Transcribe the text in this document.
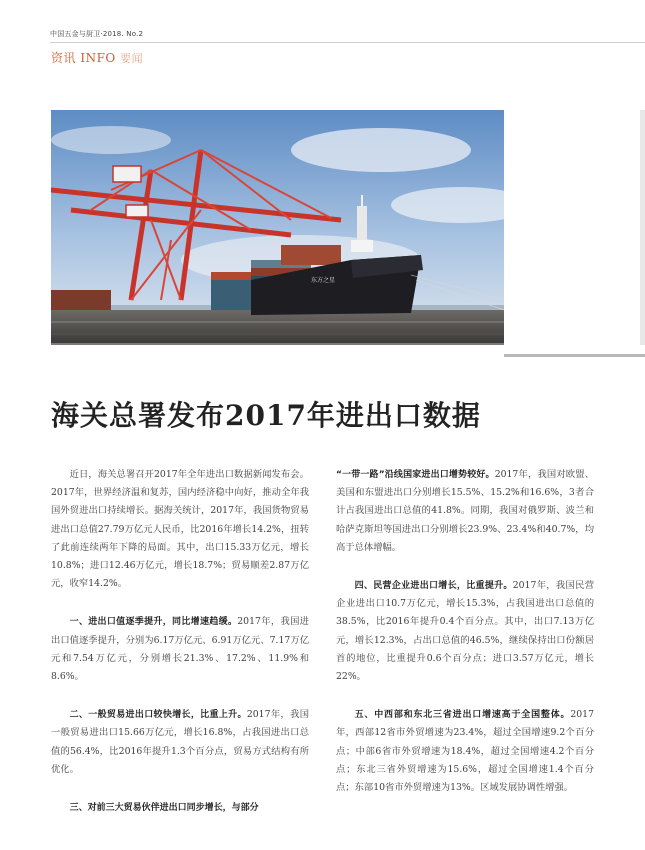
中国五金与厨卫·2018. No.2
资讯 INFO 要闻
东方之星
海关总署发布2017年进出口数据

近日，海关总署召开2017年全年进出口数据新闻发布会。2017年，世界经济温和复苏，国内经济稳中向好，推动全年我国外贸进出口持续增长。据海关统计，2017年，我国货物贸易进出口总值27.79万亿元人民币，比2016年增长14.2%，扭转了此前连续两年下降的局面。其中，出口15.33万亿元，增长10.8%；进口12.46万亿元，增长18.7%；贸易顺差2.87万亿元，收窄14.2%。

一、进出口值逐季提升，同比增速趋缓。2017年，我国进出口值逐季提升，分别为6.17万亿元、6.91万亿元、7.17万亿元和7.54万亿元，分别增长21.3%、17.2%、11.9%和8.6%。

二、一般贸易进出口较快增长，比重上升。2017年，我国一般贸易进出口15.66万亿元，增长16.8%，占我国进出口总值的56.4%，比2016年提升1.3个百分点，贸易方式结构有所优化。

三、对前三大贸易伙伴进出口同步增长，与部分

“一带一路”沿线国家进出口增势较好。2017年，我国对欧盟、美国和东盟进出口分别增长15.5%、15.2%和16.6%，3者合计占我国进出口总值的41.8%。同期，我国对俄罗斯、波兰和哈萨克斯坦等国进出口分别增长23.9%、23.4%和40.7%，均高于总体增幅。

四、民营企业进出口增长，比重提升。2017年，我国民营企业进出口10.7万亿元，增长15.3%，占我国进出口总值的38.5%，比2016年提升0.4个百分点。其中，出口7.13万亿元，增长12.3%，占出口总值的46.5%，继续保持出口份额居首的地位，比重提升0.6个百分点；进口3.57万亿元，增长22%。

五、中西部和东北三省进出口增速高于全国整体。2017年，西部12省市外贸增速为23.4%，超过全国增速9.2个百分点；中部6省市外贸增速为18.4%，超过全国增速4.2个百分点；东北三省外贸增速为15.6%，超过全国增速1.4个百分点；东部10省市外贸增速为13%。区域发展协调性增强。
